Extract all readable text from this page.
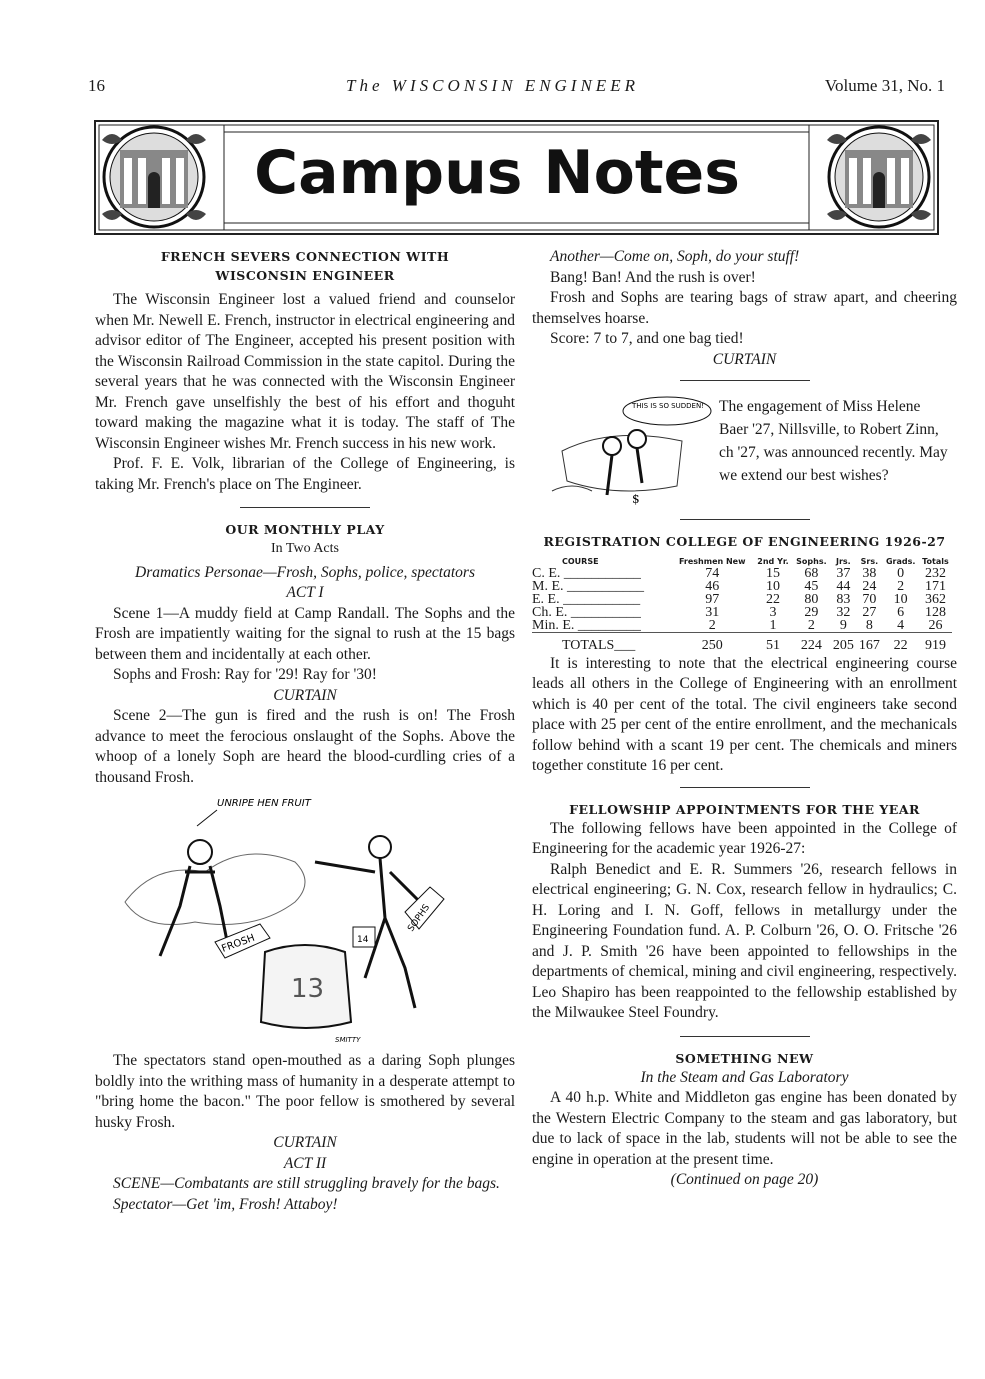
16	The WISCONSIN ENGINEER	Volume 31, No. 1
Campus Notes
FRENCH SEVERS CONNECTION WITH
WISCONSIN ENGINEER

The Wisconsin Engineer lost a valued friend and counselor when Mr. Newell E. French, instructor in electrical engineering and advisor editor of The Engineer, accepted his present position with the Wisconsin Railroad Commission in the state capitol. During the several years that he was connected with the Wisconsin Engineer Mr. French gave unselfishly the best of his effort and thoguht toward making the magazine what it is today. The staff of The Wisconsin Engineer wishes Mr. French success in his new work.

Prof. F. E. Volk, librarian of the College of Engineering, is taking Mr. French's place on The Engineer.

OUR MONTHLY PLAY
In Two Acts
Dramatics Personae—Frosh, Sophs, police, spectators
ACT I

Scene 1—A muddy field at Camp Randall. The Sophs and the Frosh are impatiently waiting for the signal to rush at the 15 bags between them and incidentally at each other.

Sophs and Frosh: Ray for '29! Ray for '30!

CURTAIN

Scene 2—The gun is fired and the rush is on! The Frosh advance to meet the ferocious onslaught of the Sophs. Above the whoop of a lonely Soph are heard the blood-curdling cries of a thousand Frosh.

UNRIPE HEN FRUIT
FROSH
13
14
SOPHS
SMITTY

The spectators stand open-mouthed as a daring Soph plunges boldly into the writhing mass of humanity in a desperate attempt to "bring home the bacon." The poor fellow is smothered by several husky Frosh.

CURTAIN
ACT II

SCENE—Combatants are still struggling bravely for the bags.

Spectator—Get 'im, Frosh! Attaboy!

Another—Come on, Soph, do your stuff!

Bang! Ban! And the rush is over!

Frosh and Sophs are tearing bags of straw apart, and cheering themselves hoarse.

Score: 7 to 7, and one bag tied!

CURTAIN
THIS IS SO SUDDEN!
$

The engagement of Miss Helene Baer '27, Nillsville, to Robert Zinn, ch '27, was announced recently. May we extend our best wishes?

REGISTRATION COLLEGE OF ENGINEERING 1926-27
COURSE	Freshmen New	2nd Yr.	Sophs.	Jrs.	Srs.	Grads.	Totals
C. E. ___________	74	15	68	37	38	0	232
M. E. ___________	46	10	45	44	24	2	171
E. E. ___________	97	22	80	83	70	10	362
Ch. E. __________	31	3	29	32	27	6	128
Min. E. _________	2	1	2	9	8	4	26
TOTALS___	250	51	224	205	167	22	919

It is interesting to note that the electrical engineering course leads all others in the College of Engineering with an enrollment which is 40 per cent of the total. The civil engineers take second place with 25 per cent of the entire enrollment, and the mechanicals follow behind with a scant 19 per cent. The chemicals and miners together constitute 16 per cent.

FELLOWSHIP APPOINTMENTS FOR THE YEAR

The following fellows have been appointed in the College of Engineering for the academic year 1926-27:

Ralph Benedict and E. R. Summers '26, research fellows in electrical engineering; G. N. Cox, research fellow in hydraulics; C. H. Loring and I. N. Goff, fellows in metallurgy under the Engineering Foundation fund. A. P. Colburn '26, O. O. Fritsche '26 and J. P. Smith '26 have been appointed to fellowships in the departments of chemical, mining and civil engineering, respectively. Leo Shapiro has been reappointed to the fellowship established by the Milwaukee Steel Foundry.

SOMETHING NEW
In the Steam and Gas Laboratory

A 40 h.p. White and Middleton gas engine has been donated by the Western Electric Company to the steam and gas laboratory, but due to lack of space in the lab, students will not be able to see the engine in operation at the present time.

(Continued on page 20)
